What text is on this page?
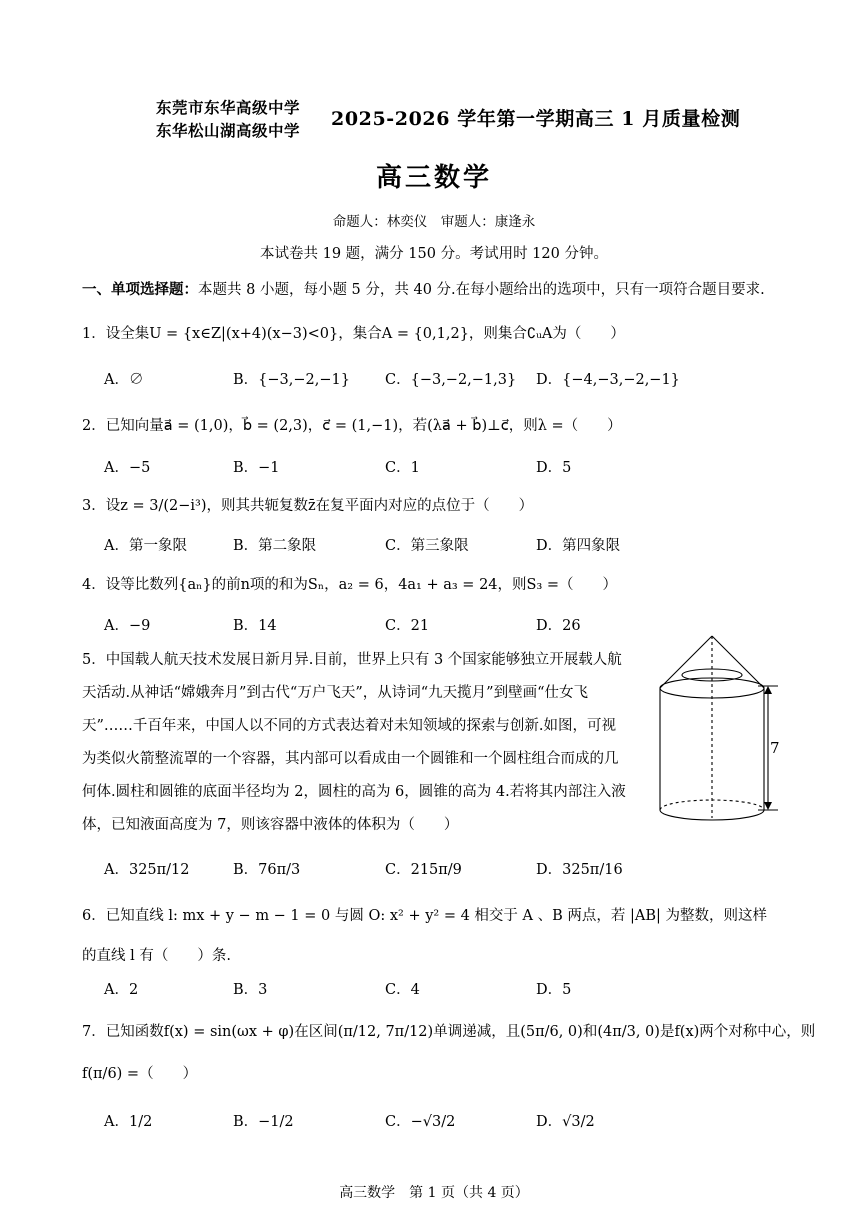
东莞市东华高级中学
东华松山湖高级中学
2025-2026 学年第一学期高三 1 月质量检测
高三数学
命题人：林奕仪　审题人：康逢永
本试卷共 19 题，满分 150 分。考试用时 120 分钟。
一、单项选择题：本题共 8 小题，每小题 5 分，共 40 分.在每小题给出的选项中，只有一项符合题目要求.
1．设全集U = {x∈Z|(x+4)(x−3)<0}，集合A = {0,1,2}，则集合∁ᵤA为（　　）
A．∅	B．{−3,−2,−1} C．{−3,−2,−1,3} D．{−4,−3,−2,−1}
2．已知向量a⃗ = (1,0)，b⃗ = (2,3)，c⃗ = (1,−1)，若(λa⃗ + b⃗)⊥c⃗，则λ =（　　）
A．−5	B．−1	C．1	D．5
3．设z = 3/(2−i³)，则其共轭复数z̄在复平面内对应的点位于（　　）
A．第一象限	B．第二象限	C．第三象限	D．第四象限
4．设等比数列{aₙ}的前n项的和为Sₙ，a₂ = 6，4a₁ + a₃ = 24，则S₃ =（　　）
A．−9	B．14	C．21	D．26
5．中国载人航天技术发展日新月异.目前，世界上只有 3 个国家能够独立开展载人航
天活动.从神话“嫦娥奔月”到古代“万户飞天”，从诗词“九天揽月”到壁画“仕女飞
天”……千百年来，中国人以不同的方式表达着对未知领域的探索与创新.如图，可视
为类似火箭整流罩的一个容器，其内部可以看成由一个圆锥和一个圆柱组合而成的几
何体.圆柱和圆锥的底面半径均为 2，圆柱的高为 6，圆锥的高为 4.若将其内部注入液
体，已知液面高度为 7，则该容器中液体的体积为（　　）
7
A．325π/12	B．76π/3	C．215π/9	D．325π/16
6．已知直线 l: mx + y − m − 1 = 0 与圆 O: x² + y² = 4 相交于 A 、B 两点，若 |AB| 为整数，则这样
的直线 l 有（　　）条.
A．2	B．3	C．4	D．5
7．已知函数f(x) = sin(ωx + φ)在区间(π/12, 7π/12)单调递减，且(5π/6, 0)和(4π/3, 0)是f(x)两个对称中心，则
f(π/6) =（　　）
A．1/2	B．−1/2	C．−√3/2	D．√3/2
高三数学　第 1 页（共 4 页）
